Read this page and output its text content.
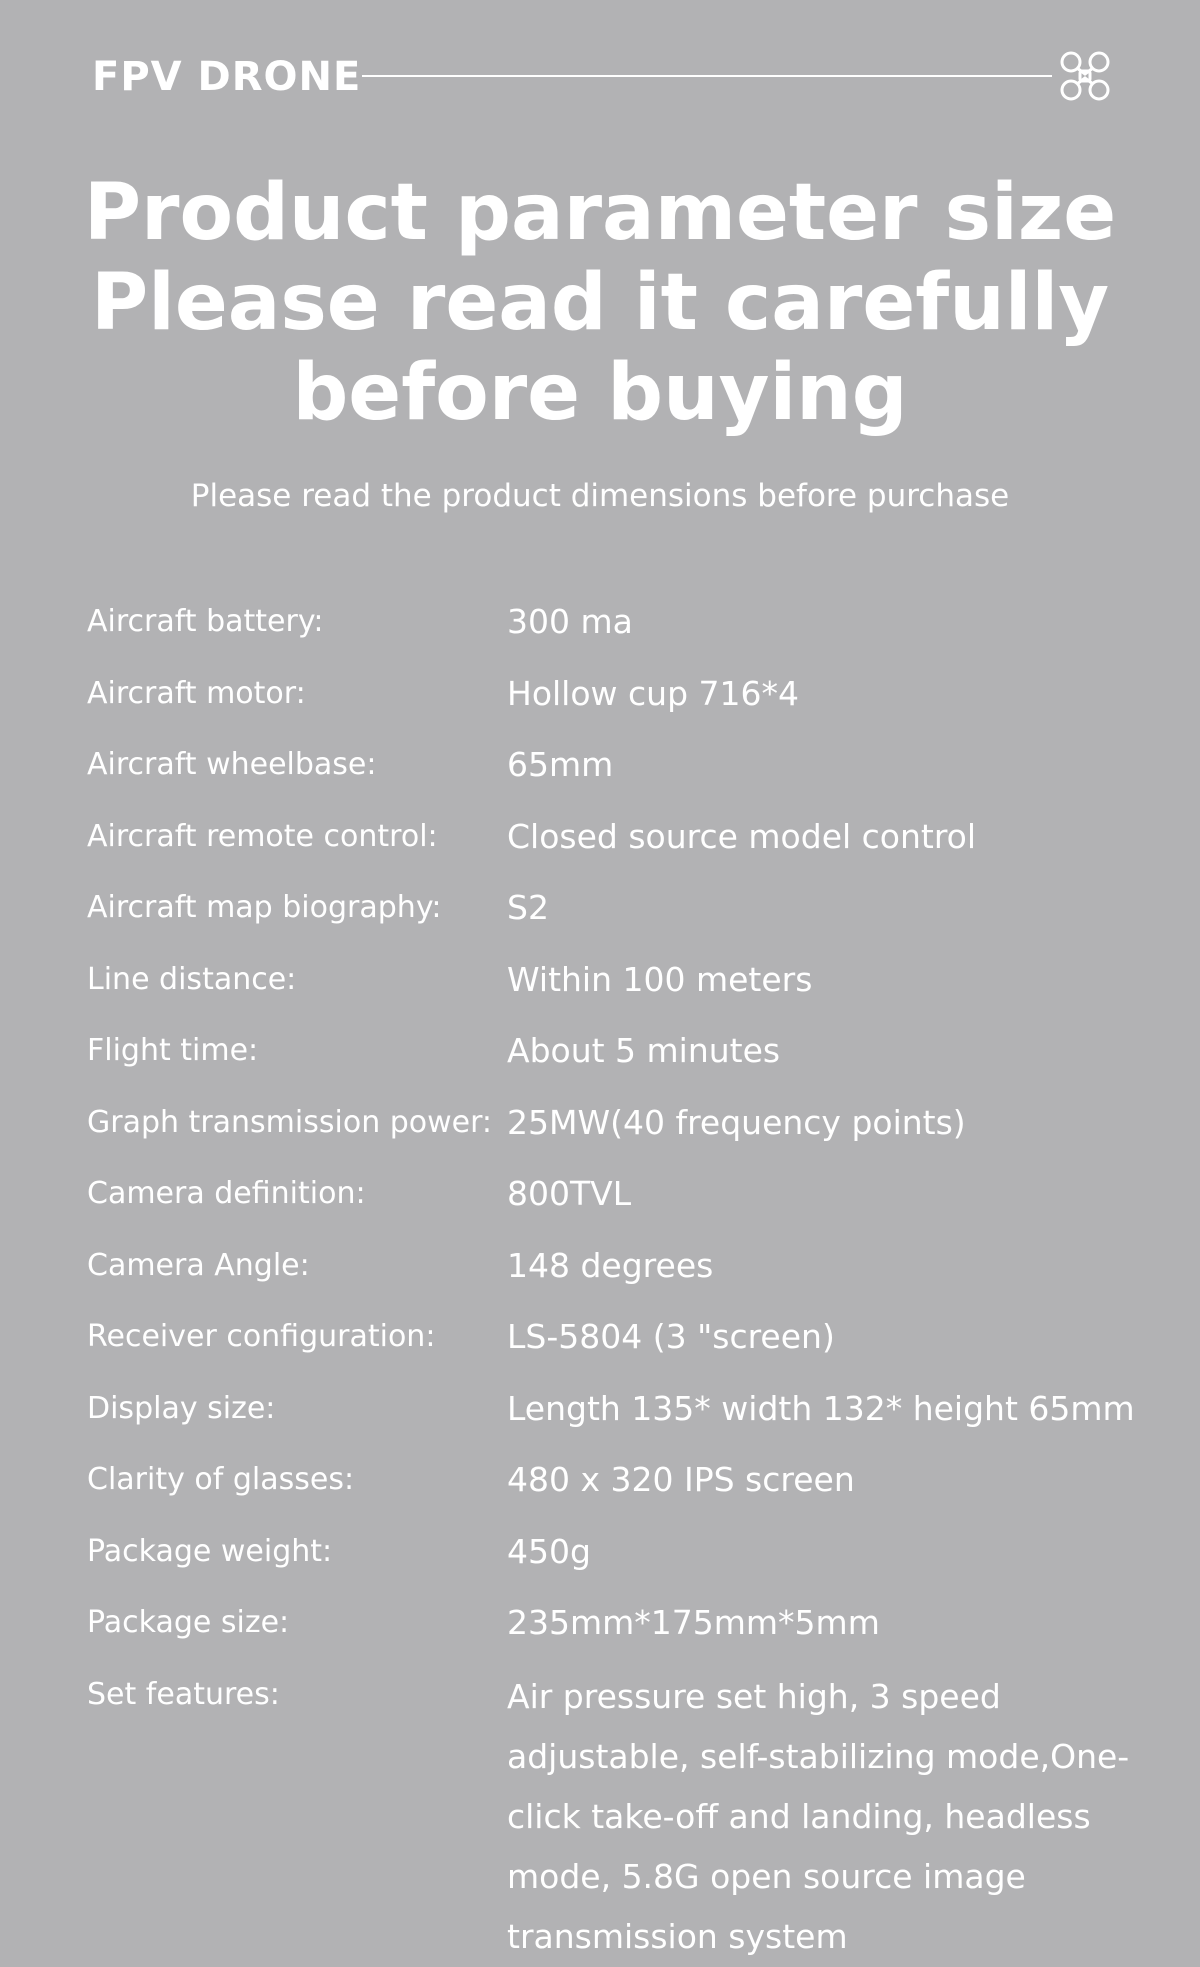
FPV DRONE
Product parameter size
Please read it carefully
before buying
Please read the product dimensions before purchase
Aircraft battery:	300 ma
Aircraft motor:	Hollow cup 716*4
Aircraft wheelbase:	65mm
Aircraft remote control:	Closed source model control
Aircraft map biography:	S2
Line distance:	Within 100 meters
Flight time:	About 5 minutes
Graph transmission power: 25MW(40 frequency points)
Camera definition:	800TVL
Camera Angle:	148 degrees
Receiver configuration:	LS-5804 (3 "screen)
Display size:	Length 135* width 132* height 65mm
Clarity of glasses:	480 x 320 IPS screen
Package weight:	450g
Package size:	235mm*175mm*5mm
Set features:	Air pressure set high, 3 speed adjustable, self-stabilizing mode,One-click take-off and landing, headless mode, 5.8G open source image transmission system
